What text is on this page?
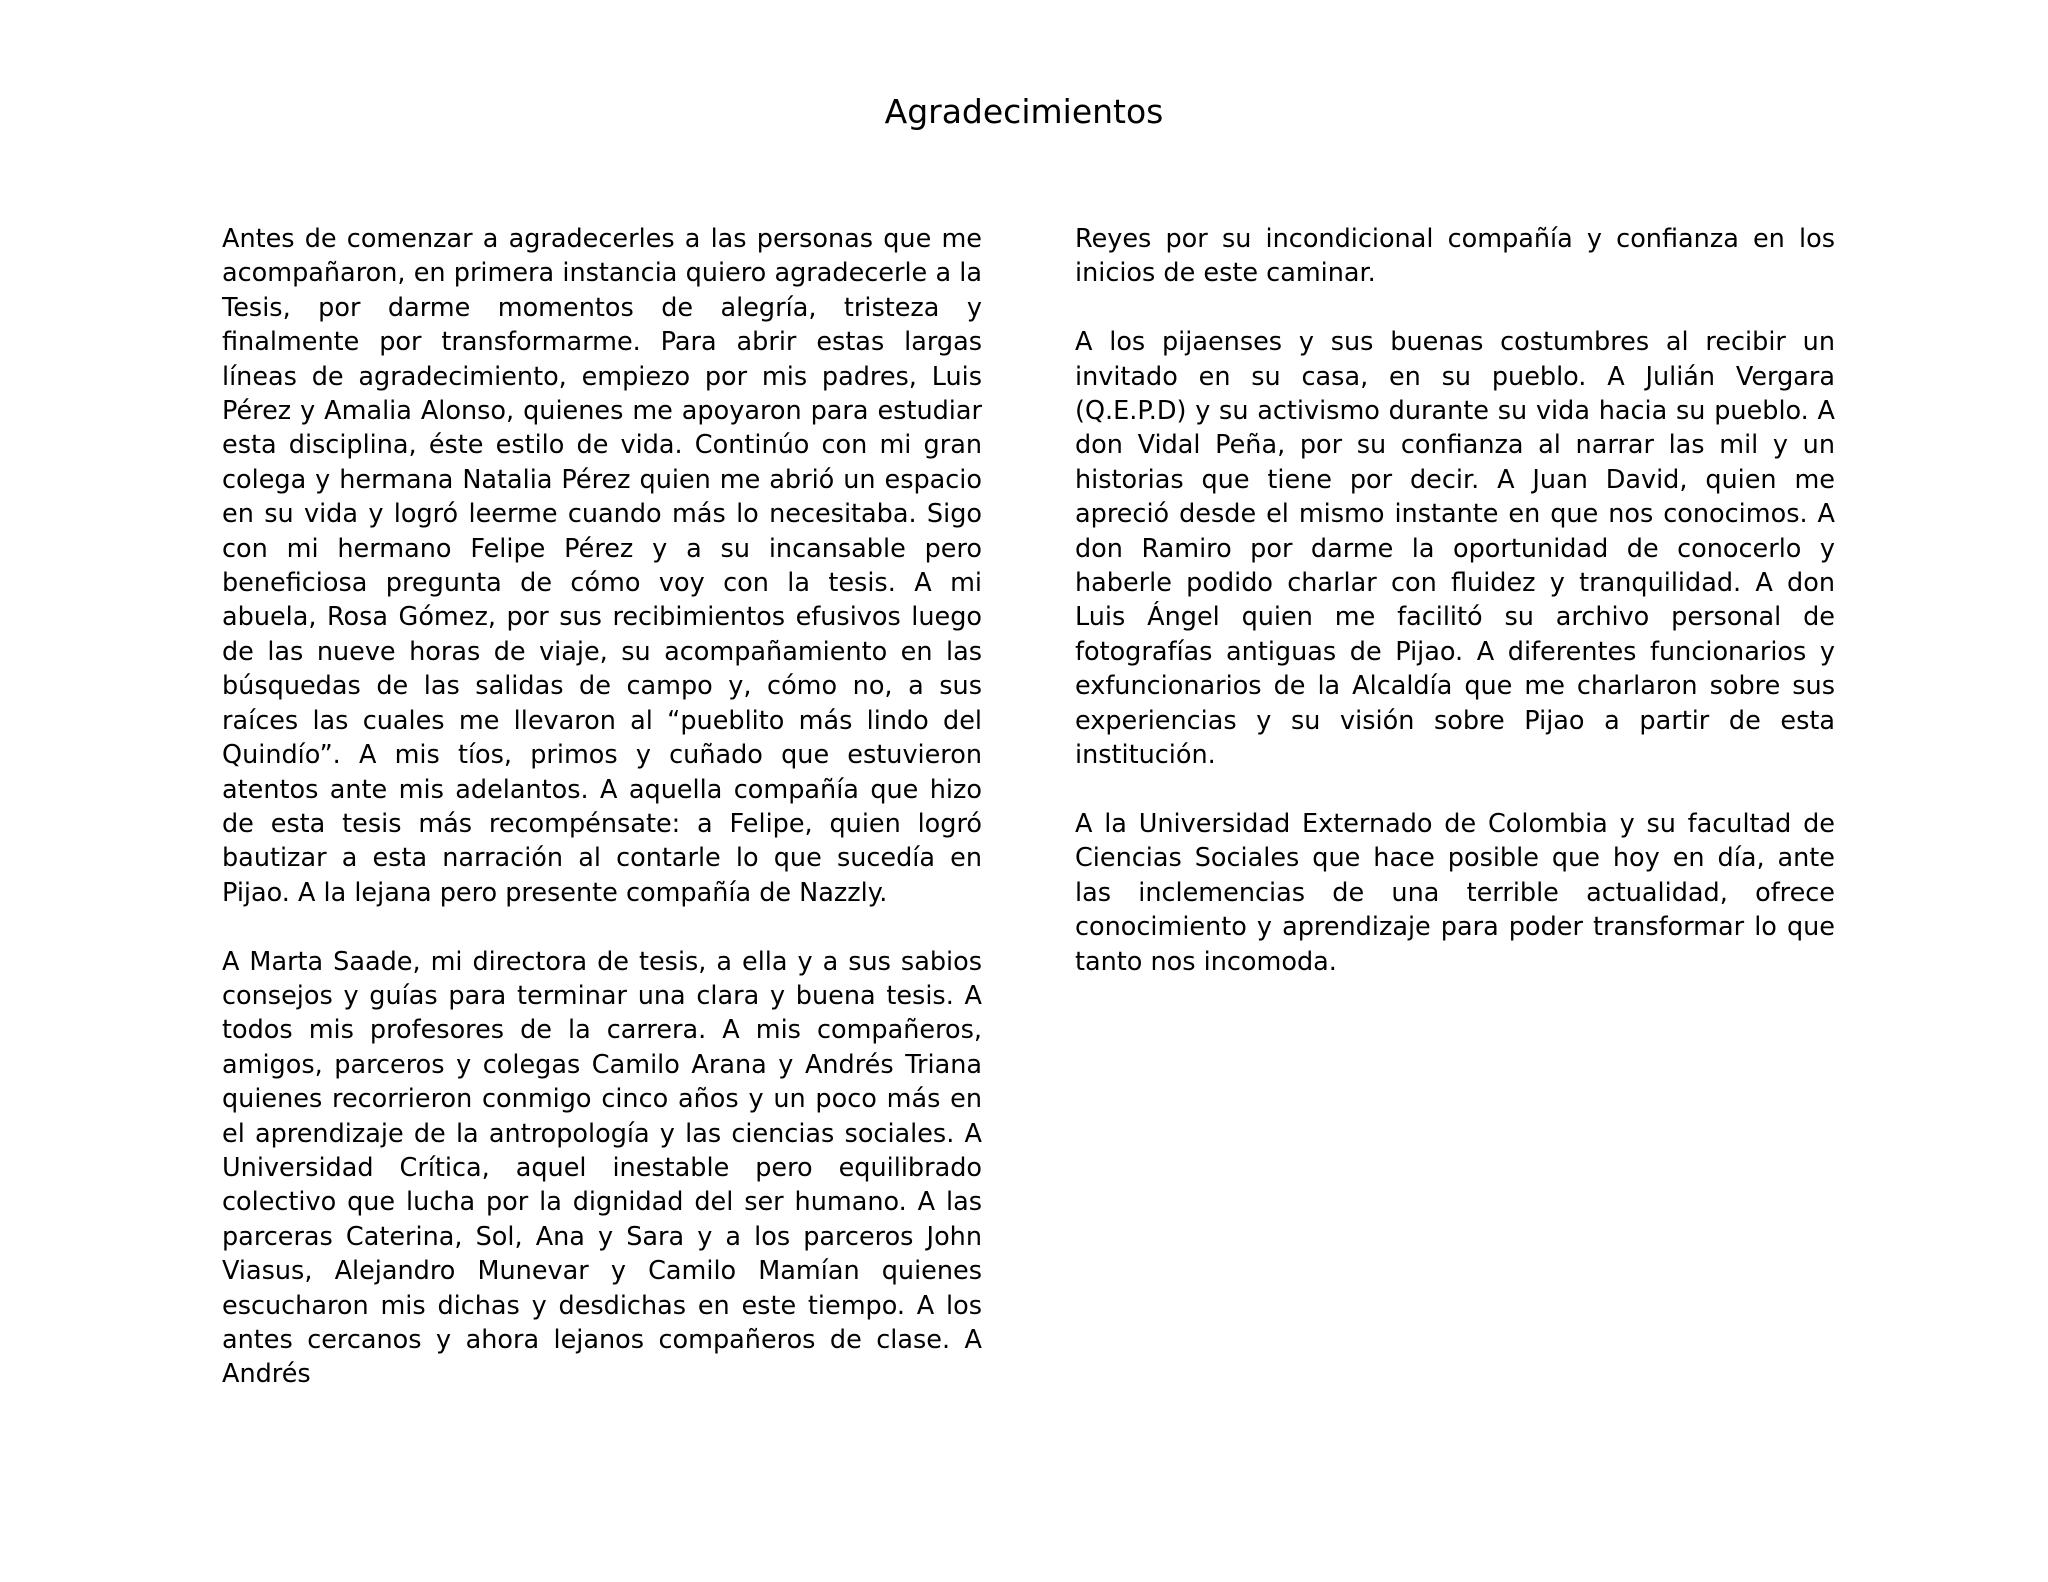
Agradecimientos

Antes de comenzar a agradecerles a las personas que me acompañaron, en primera instancia quiero agradecerle a la Tesis, por darme momentos de alegría, tristeza y finalmente por transformarme. Para abrir estas largas líneas de agradecimiento, empiezo por mis padres, Luis Pérez y Amalia Alonso, quienes me apoyaron para estudiar esta disciplina, éste estilo de vida. Continúo con mi gran colega y hermana Natalia Pérez quien me abrió un espacio en su vida y logró leerme cuando más lo necesitaba. Sigo con mi hermano Felipe Pérez y a su incansable pero beneficiosa pregunta de cómo voy con la tesis. A mi abuela, Rosa Gómez, por sus recibimientos efusivos luego de las nueve horas de viaje, su acompañamiento en las búsquedas de las salidas de campo y, cómo no, a sus raíces las cuales me llevaron al “pueblito más lindo del Quindío”. A mis tíos, primos y cuñado que estuvieron atentos ante mis adelantos. A aquella compañía que hizo de esta tesis más recompénsate: a Felipe, quien logró bautizar a esta narración al contarle lo que sucedía en Pijao. A la lejana pero presente compañía de Nazzly.

A Marta Saade, mi directora de tesis, a ella y a sus sabios consejos y guías para terminar una clara y buena tesis. A todos mis profesores de la carrera. A mis compañeros, amigos, parceros y colegas Camilo Arana y Andrés Triana quienes recorrieron conmigo cinco años y un poco más en el aprendizaje de la antropología y las ciencias sociales. A Universidad Crítica, aquel inestable pero equilibrado colectivo que lucha por la dignidad del ser humano. A las parceras Caterina, Sol, Ana y Sara y a los parceros John Viasus, Alejandro Munevar y Camilo Mamían quienes escucharon mis dichas y desdichas en este tiempo. A los antes cercanos y ahora lejanos compañeros de clase. A Andrés

Reyes por su incondicional compañía y confianza en los inicios de este caminar.

A los pijaenses y sus buenas costumbres al recibir un invitado en su casa, en su pueblo. A Julián Vergara (Q.E.P.D) y su activismo durante su vida hacia su pueblo. A don Vidal Peña, por su confianza al narrar las mil y un historias que tiene por decir. A Juan David, quien me apreció desde el mismo instante en que nos conocimos. A don Ramiro por darme la oportunidad de conocerlo y haberle podido charlar con fluidez y tranquilidad. A don Luis Ángel quien me facilitó su archivo personal de fotografías antiguas de Pijao. A diferentes funcionarios y exfuncionarios de la Alcaldía que me charlaron sobre sus experiencias y su visión sobre Pijao a partir de esta institución.

A la Universidad Externado de Colombia y su facultad de Ciencias Sociales que hace posible que hoy en día, ante las inclemencias de una terrible actualidad, ofrece conocimiento y aprendizaje para poder transformar lo que tanto nos incomoda.
